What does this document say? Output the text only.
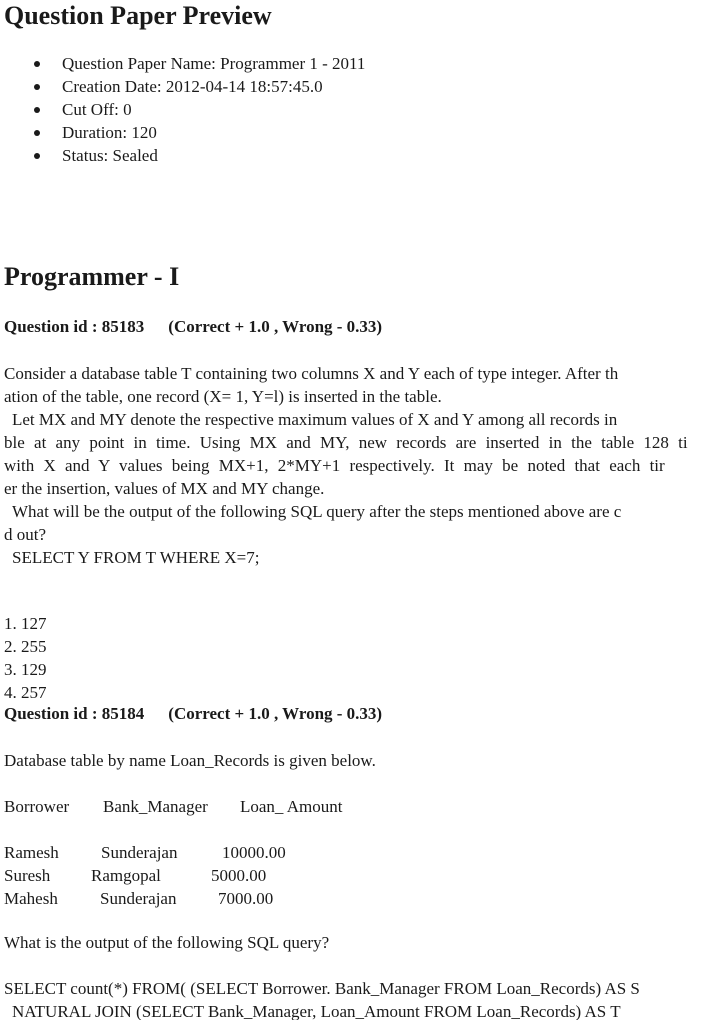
Question Paper Preview
Question Paper Name: Programmer 1 - 2011
Creation Date: 2012-04-14 18:57:45.0
Cut Off: 0
Duration: 120
Status: Sealed
Programmer - I
Question id : 85183 (Correct + 1.0 , Wrong - 0.33)
Consider a database table T containing two columns X and Y each of type integer. After th
ation of the table, one record (X= 1, Y=l) is inserted in the table.
Let MX and MY denote the respective maximum values of X and Y among all records in
ble at any point in time. Using MX and MY, new records are inserted in the table 128 ti
with X and Y values being MX+1, 2*MY+1 respectively. It may be noted that each tir
er the insertion, values of MX and MY change.
What will be the output of the following SQL query after the steps mentioned above are c
d out?
SELECT Y FROM T WHERE X=7;
1. 127
2. 255
3. 129
4. 257
Question id : 85184 (Correct + 1.0 , Wrong - 0.33)
Database table by name Loan_Records is given below.
Borrower Bank_Manager Loan_ Amount
Ramesh Sunderajan	10000.00
Suresh Ramgopal	5000.00
Mahesh Sunderajan 7000.00
What is the output of the following SQL query?
SELECT count(*) FROM( (SELECT Borrower. Bank_Manager FROM Loan_Records) AS S
NATURAL JOIN (SELECT Bank_Manager, Loan_Amount FROM Loan_Records) AS T
